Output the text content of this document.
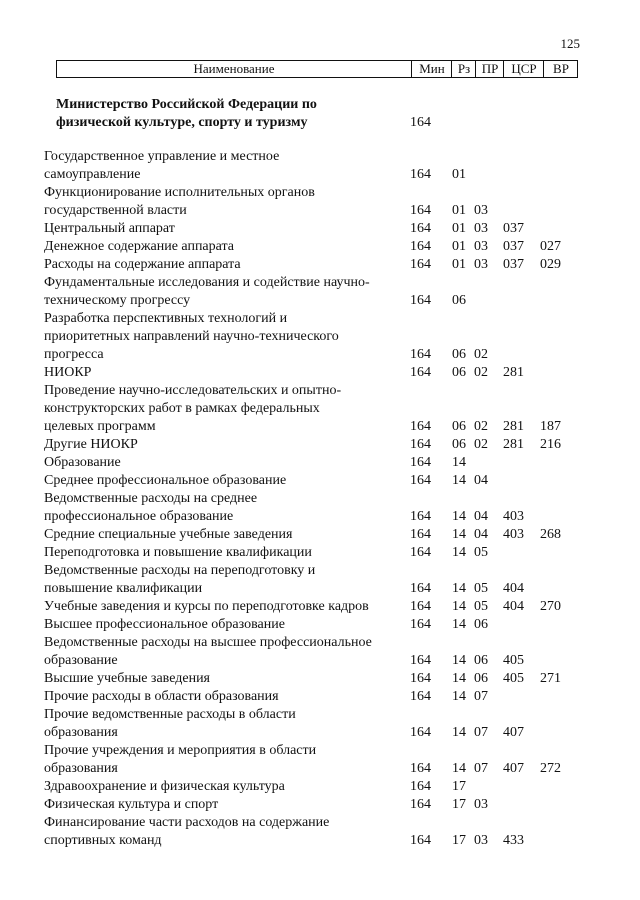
125
Наименование	Мин	Рз ПР	ЦСР	ВР
Министерство Российской Федерации по
физической культуре, спорту и туризму	164
Государственное управление и местное
самоуправление	164 01
Функционирование исполнительных органов
государственной власти	164 01 03
Центральный аппарат	164 01 03 037
Денежное содержание аппарата	164 01 03 037 027
Расходы на содержание аппарата	164 01 03 037 029
Фундаментальные исследования и содействие научно-
техническому прогрессу	164 06
Разработка перспективных технологий и
приоритетных направлений научно-технического
прогресса	164 06 02
НИОКР	164 06 02 281
Проведение научно-исследовательских и опытно-
конструкторских работ в рамках федеральных
целевых программ	164 06 02 281 187
Другие НИОКР	164 06 02 281 216
Образование	164 14
Среднее профессиональное образование	164 14 04
Ведомственные расходы на среднее
профессиональное образование	164 14 04 403
Средние специальные учебные заведения	164 14 04 403 268
Переподготовка и повышение квалификации	164 14 05
Ведомственные расходы на переподготовку и
повышение квалификации	164 14 05 404
Учебные заведения и курсы по переподготовке кадров	164 14 05 404 270
Высшее профессиональное образование	164 14 06
Ведомственные расходы на высшее профессиональное
образование	164 14 06 405
Высшие учебные заведения	164 14 06 405 271
Прочие расходы в области образования	164 14 07
Прочие ведомственные расходы в области
образования	164 14 07 407
Прочие учреждения и мероприятия в области
образования	164 14 07 407 272
Здравоохранение и физическая культура	164 17
Физическая культура и спорт	164 17 03
Финансирование части расходов на содержание
спортивных команд	164 17 03 433
